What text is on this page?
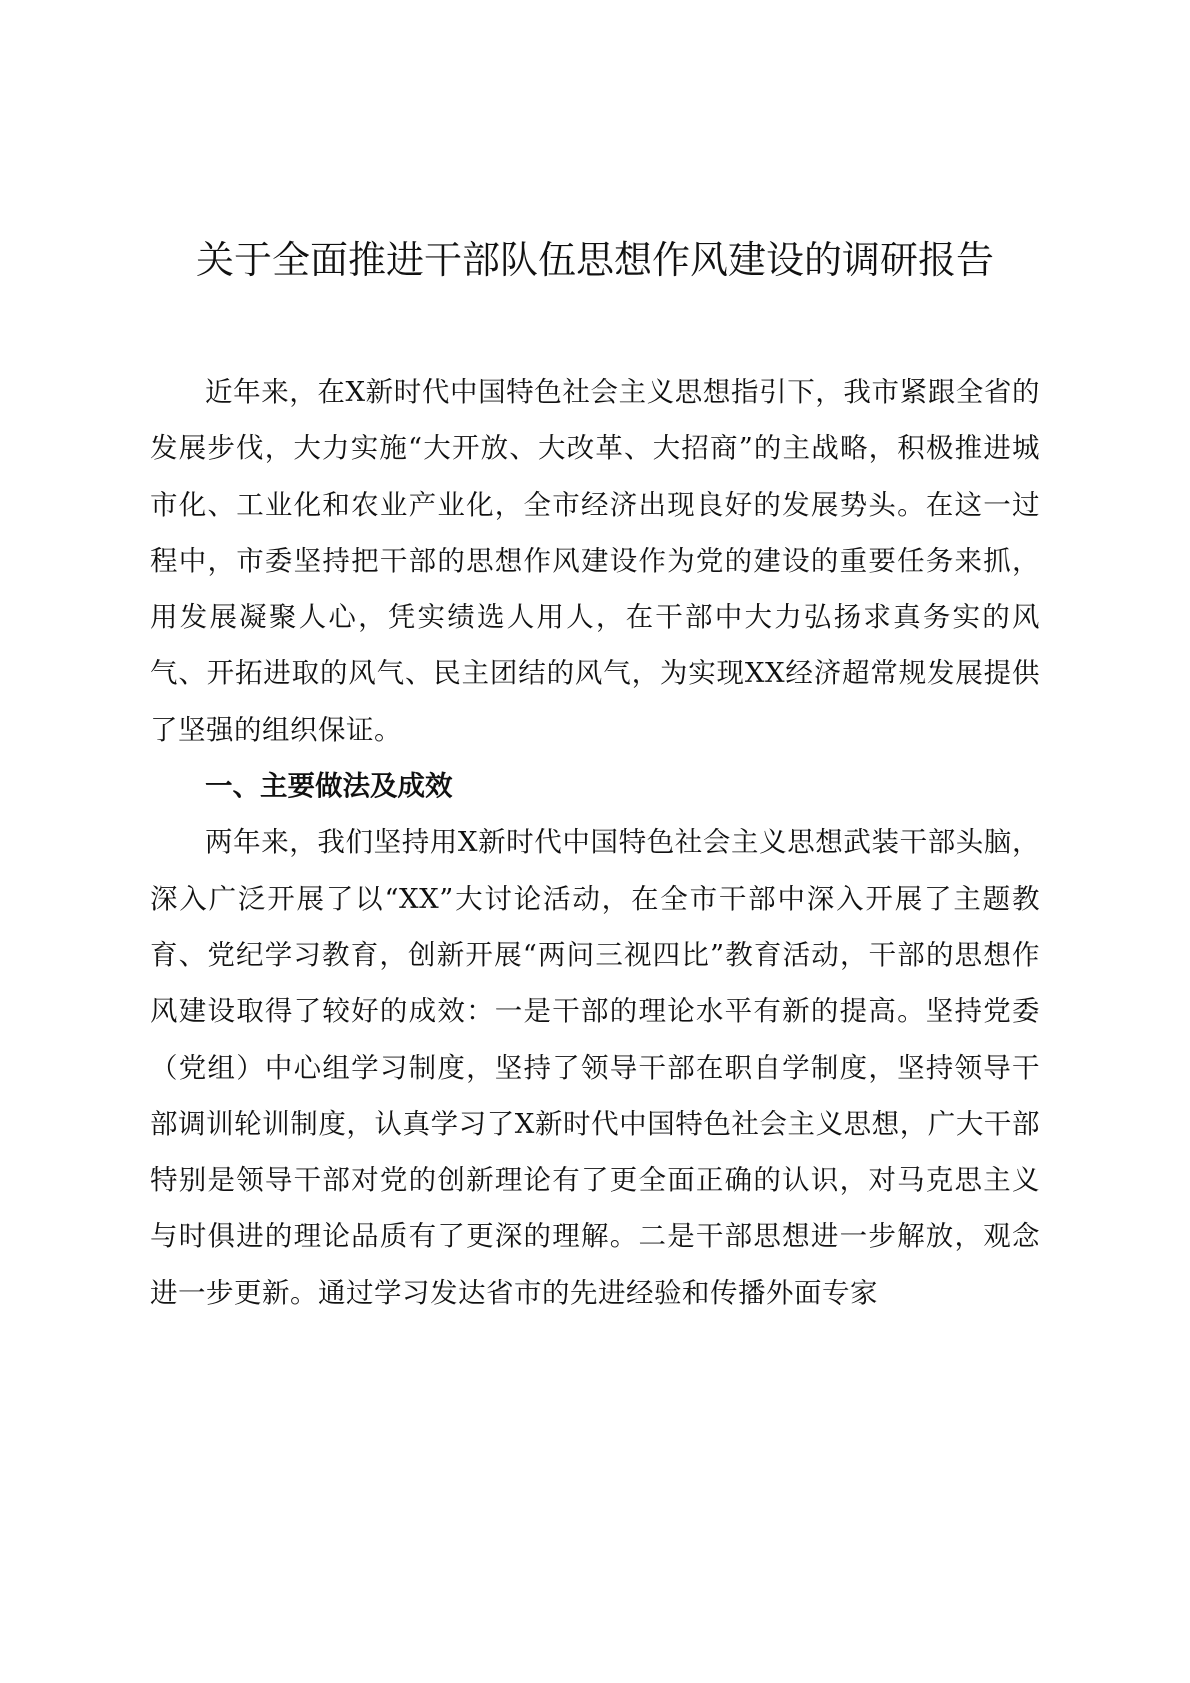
关于全面推进干部队伍思想作风建设的调研报告

近年来，在X新时代中国特色社会主义思想指引下，我市紧跟全省的发展步伐，大力实施“大开放、大改革、大招商”的主战略，积极推进城市化、工业化和农业产业化，全市经济出现良好的发展势头。在这一过程中，市委坚持把干部的思想作风建设作为党的建设的重要任务来抓，用发展凝聚人心，凭实绩选人用人，在干部中大力弘扬求真务实的风气、开拓进取的风气、民主团结的风气，为实现XX经济超常规发展提供了坚强的组织保证。

一、主要做法及成效

两年来，我们坚持用X新时代中国特色社会主义思想武装干部头脑，深入广泛开展了以“XX”大讨论活动，在全市干部中深入开展了主题教育、党纪学习教育，创新开展“两问三视四比”教育活动，干部的思想作风建设取得了较好的成效：一是干部的理论水平有新的提高。坚持党委（党组）中心组学习制度，坚持了领导干部在职自学制度，坚持领导干部调训轮训制度，认真学习了X新时代中国特色社会主义思想，广大干部特别是领导干部对党的创新理论有了更全面正确的认识，对马克思主义与时俱进的理论品质有了更深的理解。二是干部思想进一步解放，观念进一步更新。通过学习发达省市的先进经验和传播外面专家
